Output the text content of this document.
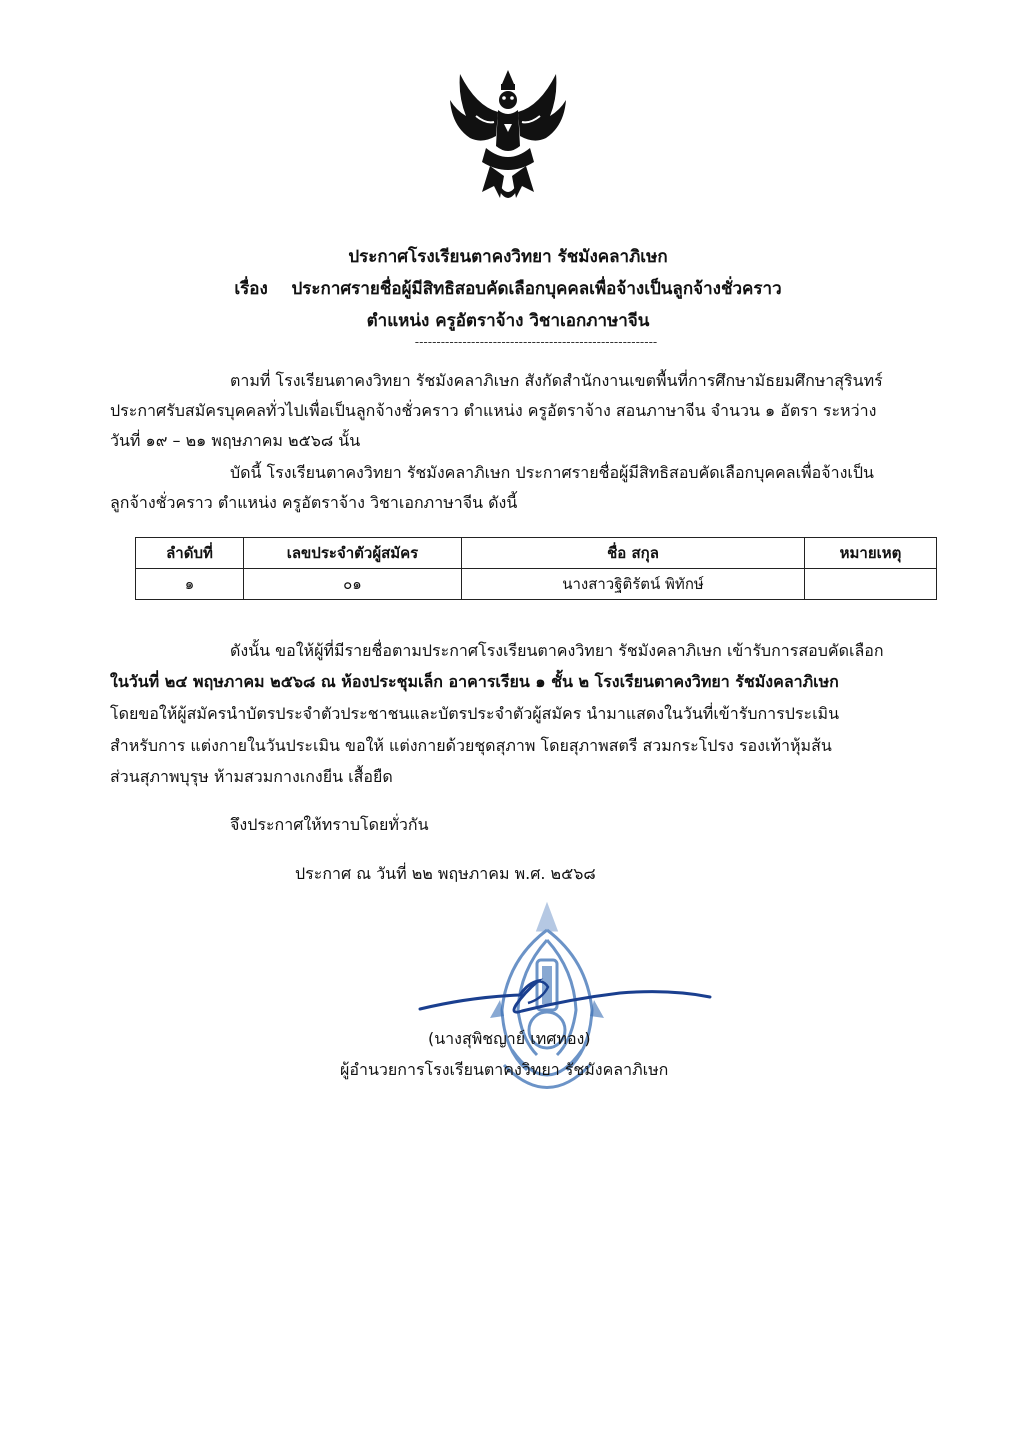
ประกาศโรงเรียนตาคงวิทยา รัชมังคลาภิเษก
เรื่อง ประกาศรายชื่อผู้มีสิทธิสอบคัดเลือกบุคคลเพื่อจ้างเป็นลูกจ้างชั่วคราว
ตำแหน่ง ครูอัตราจ้าง วิชาเอกภาษาจีน
--------------------------------------------------------
ตามที่ โรงเรียนตาคงวิทยา รัชมังคลาภิเษก สังกัดสำนักงานเขตพื้นที่การศึกษามัธยมศึกษาสุรินทร์
ประกาศรับสมัครบุคคลทั่วไปเพื่อเป็นลูกจ้างชั่วคราว ตำแหน่ง ครูอัตราจ้าง สอนภาษาจีน จำนวน ๑ อัตรา ระหว่าง
วันที่ ๑๙ – ๒๑ พฤษภาคม ๒๕๖๘ นั้น
บัดนี้ โรงเรียนตาคงวิทยา รัชมังคลาภิเษก ประกาศรายชื่อผู้มีสิทธิสอบคัดเลือกบุคคลเพื่อจ้างเป็น
ลูกจ้างชั่วคราว ตำแหน่ง ครูอัตราจ้าง วิชาเอกภาษาจีน ดังนี้
ลำดับที่	เลขประจำตัวผู้สมัคร	ชื่อ สกุล	หมายเหตุ
๑	๐๑	นางสาวฐิติรัตน์ พิทักษ์	
ดังนั้น ขอให้ผู้ที่มีรายชื่อตามประกาศโรงเรียนตาคงวิทยา รัชมังคลาภิเษก เข้ารับการสอบคัดเลือก
ในวันที่ ๒๔ พฤษภาคม ๒๕๖๘ ณ ห้องประชุมเล็ก อาคารเรียน ๑ ชั้น ๒ โรงเรียนตาคงวิทยา รัชมังคลาภิเษก
โดยขอให้ผู้สมัครนำบัตรประจำตัวประชาชนและบัตรประจำตัวผู้สมัคร นำมาแสดงในวันที่เข้ารับการประเมิน
สำหรับการ แต่งกายในวันประเมิน ขอให้ แต่งกายด้วยชุดสุภาพ โดยสุภาพสตรี สวมกระโปรง รองเท้าหุ้มส้น
ส่วนสุภาพบุรุษ ห้ามสวมกางเกงยีน เสื้อยืด
จึงประกาศให้ทราบโดยทั่วกัน
ประกาศ ณ วันที่ ๒๒ พฤษภาคม พ.ศ. ๒๕๖๘
(นางสุพิชญาย์ เทศทอง)
ผู้อำนวยการโรงเรียนตาคงวิทยา รัชมังคลาภิเษก
